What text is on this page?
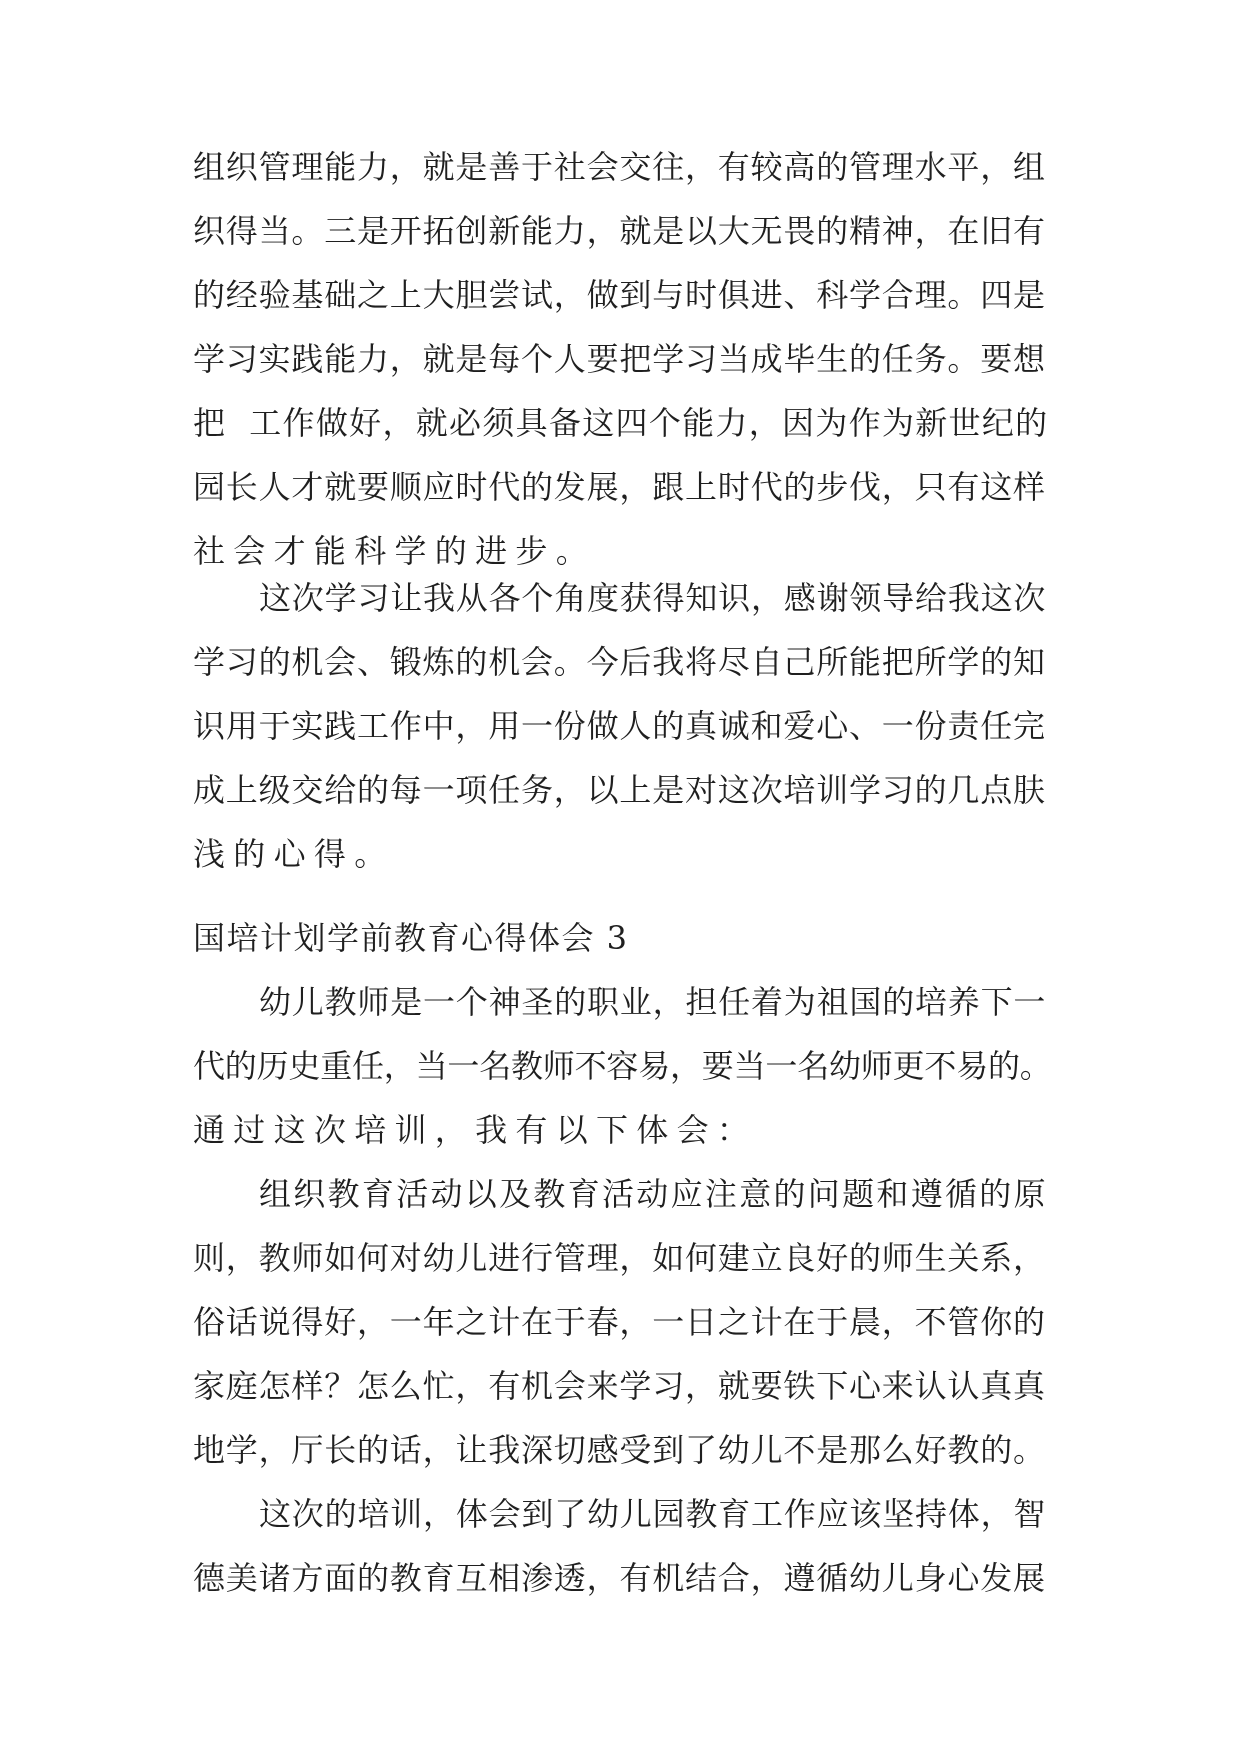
组织管理能力，就是善于社会交往，有较高的管理水平，组
织得当。三是开拓创新能力，就是以大无畏的精神，在旧有
的经验基础之上大胆尝试，做到与时俱进、科学合理。四是
学习实践能力，就是每个人要把学习当成毕生的任务。要想
把  工作做好，就必须具备这四个能力，因为作为新世纪的
园长人才就要顺应时代的发展，跟上时代的步伐，只有这样
社会才能科学的进步。
这次学习让我从各个角度获得知识，感谢领导给我这次
学习的机会、锻炼的机会。今后我将尽自己所能把所学的知
识用于实践工作中，用一份做人的真诚和爱心、一份责任完
成上级交给的每一项任务，以上是对这次培训学习的几点肤
浅的心得。
国培计划学前教育心得体会 3
幼儿教师是一个神圣的职业，担任着为祖国的培养下一
代的历史重任，当一名教师不容易，要当一名幼师更不易的。
通过这次培训，我有以下体会：
组织教育活动以及教育活动应注意的问题和遵循的原
则，教师如何对幼儿进行管理，如何建立良好的师生关系，
俗话说得好，一年之计在于春，一日之计在于晨，不管你的
家庭怎样？怎么忙，有机会来学习，就要铁下心来认认真真
地学，厅长的话，让我深切感受到了幼儿不是那么好教的。
这次的培训，体会到了幼儿园教育工作应该坚持体，智
德美诸方面的教育互相渗透，有机结合，遵循幼儿身心发展
